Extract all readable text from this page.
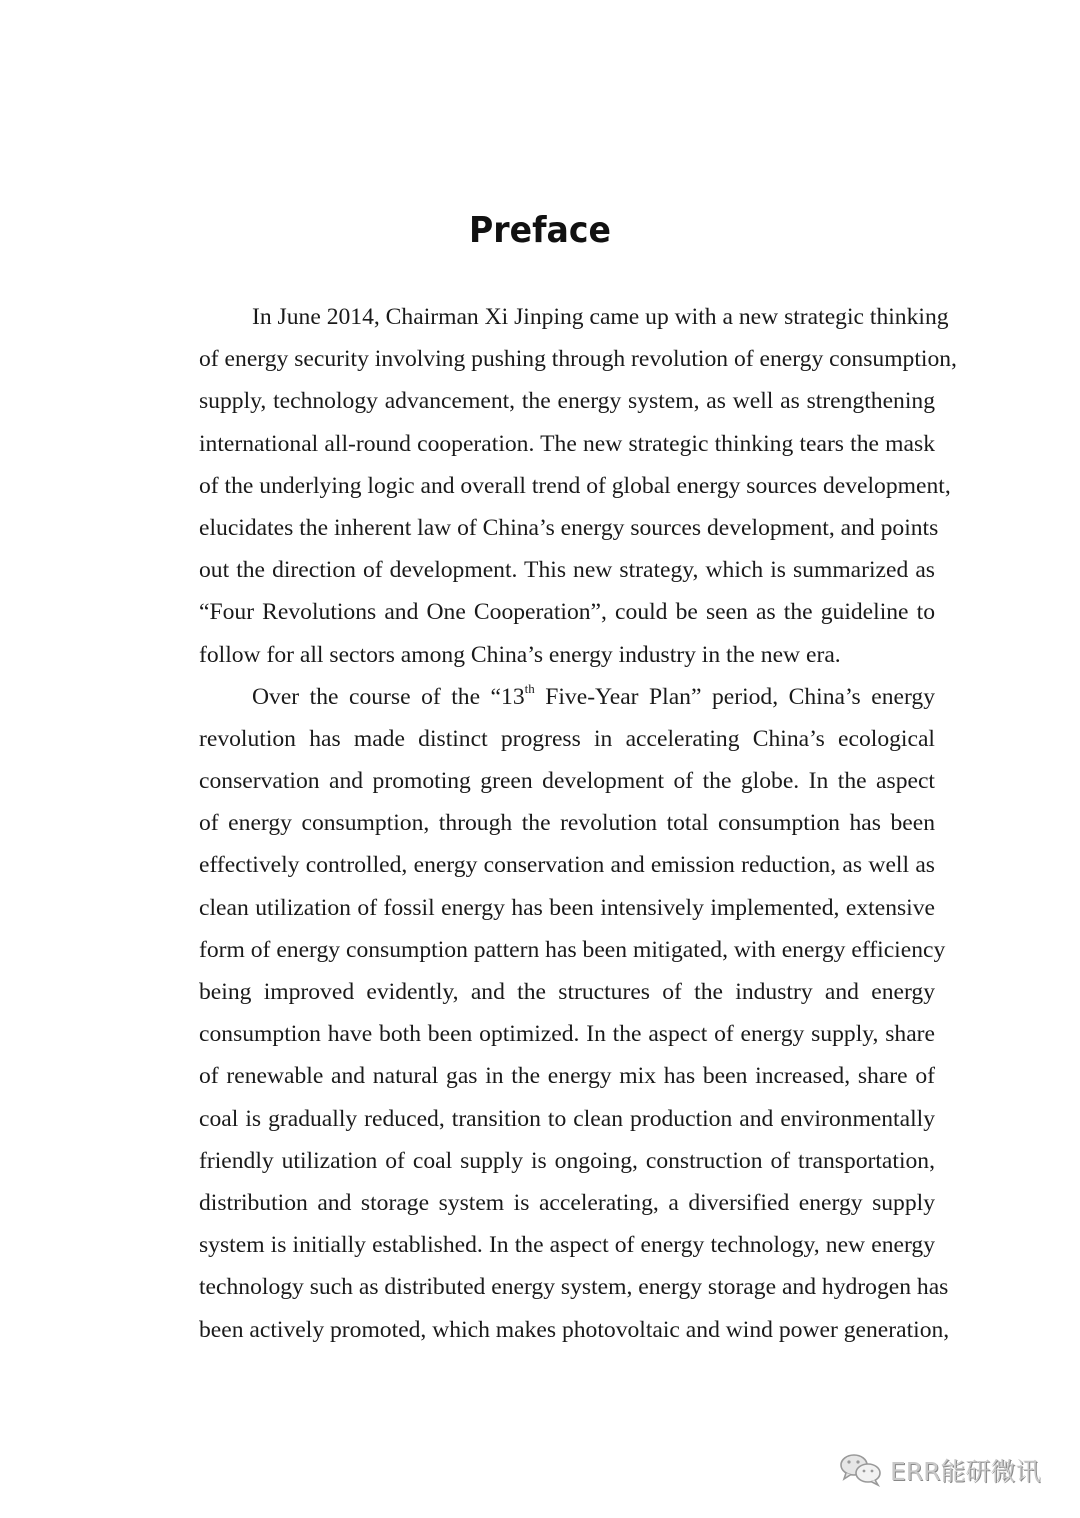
Preface
In June 2014, Chairman Xi Jinping came up with a new strategic thinking
of energy security involving pushing through revolution of energy consumption,
supply, technology advancement, the energy system, as well as strengthening
international all-round cooperation. The new strategic thinking tears the mask
of the underlying logic and overall trend of global energy sources development,
elucidates the inherent law of China’s energy sources development, and points
out the direction of development. This new strategy, which is summarized as
“Four Revolutions and One Cooperation”, could be seen as the guideline to
follow for all sectors among China’s energy industry in the new era.
Over the course of the “13th Five-Year Plan” period, China’s energy
revolution has made distinct progress in accelerating China’s ecological
conservation and promoting green development of the globe. In the aspect
of energy consumption, through the revolution total consumption has been
effectively controlled, energy conservation and emission reduction, as well as
clean utilization of fossil energy has been intensively implemented, extensive
form of energy consumption pattern has been mitigated, with energy efficiency
being improved evidently, and the structures of the industry and energy
consumption have both been optimized. In the aspect of energy supply, share
of renewable and natural gas in the energy mix has been increased, share of
coal is gradually reduced, transition to clean production and environmentally
friendly utilization of coal supply is ongoing, construction of transportation,
distribution and storage system is accelerating, a diversified energy supply
system is initially established. In the aspect of energy technology, new energy
technology such as distributed energy system, energy storage and hydrogen has
been actively promoted, which makes photovoltaic and wind power generation,
ERR能研微讯
